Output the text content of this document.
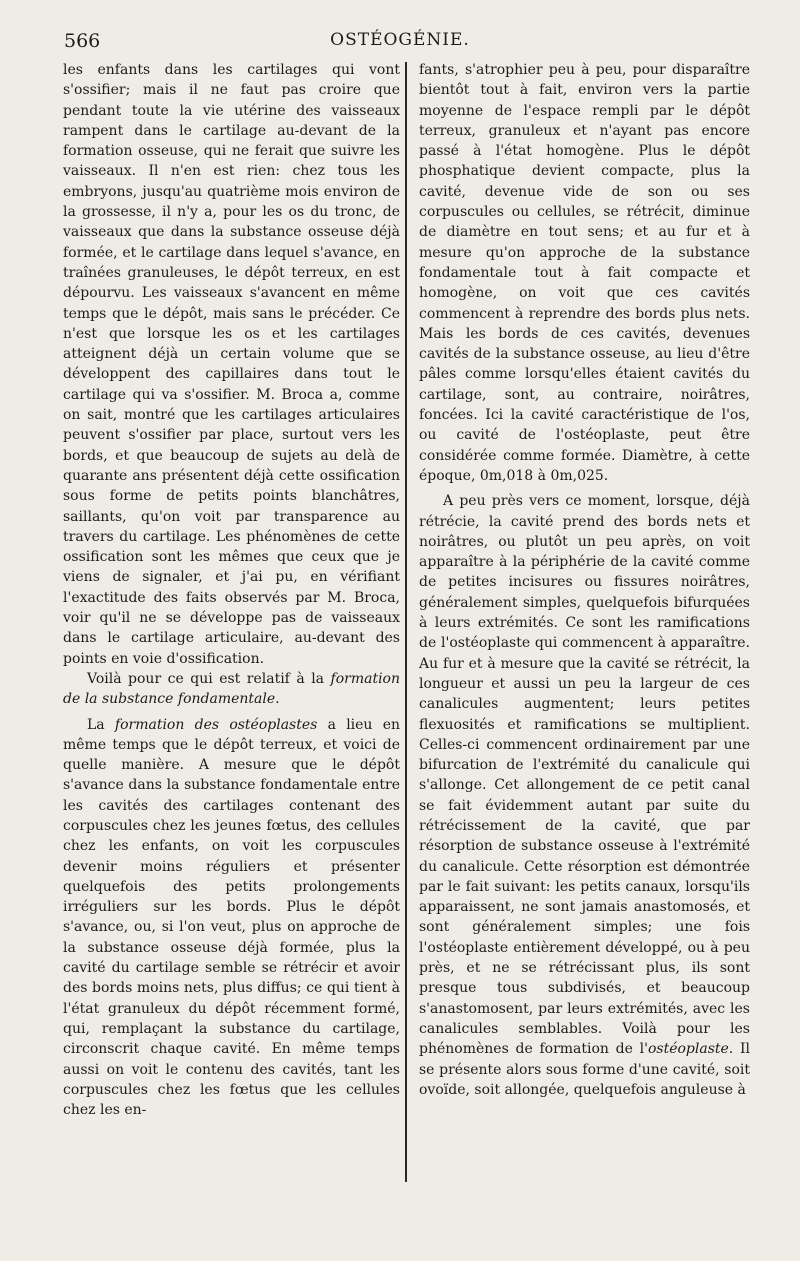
566	OSTÉOGÉNIE.

les enfants dans les cartilages qui vont s'ossifier; mais il ne faut pas croire que pendant toute la vie utérine des vaisseaux rampent dans le cartilage au-devant de la formation osseuse, qui ne ferait que suivre les vaisseaux. Il n'en est rien: chez tous les embryons, jusqu'au quatrième mois environ de la grossesse, il n'y a, pour les os du tronc, de vaisseaux que dans la substance osseuse déjà formée, et le cartilage dans lequel s'avance, en traînées granuleuses, le dépôt terreux, en est dépourvu. Les vaisseaux s'avancent en même temps que le dépôt, mais sans le précéder. Ce n'est que lorsque les os et les cartilages atteignent déjà un certain volume que se développent des capillaires dans tout le cartilage qui va s'ossifier. M. Broca a, comme on sait, montré que les cartilages articulaires peuvent s'ossifier par place, surtout vers les bords, et que beaucoup de sujets au delà de quarante ans présentent déjà cette ossification sous forme de petits points blanchâtres, saillants, qu'on voit par transparence au travers du cartilage. Les phénomènes de cette ossification sont les mêmes que ceux que je viens de signaler, et j'ai pu, en vérifiant l'exactitude des faits observés par M. Broca, voir qu'il ne se développe pas de vaisseaux dans le cartilage articulaire, au-devant des points en voie d'ossification.

Voilà pour ce qui est relatif à la formation de la substance fondamentale.

La formation des ostéoplastes a lieu en même temps que le dépôt terreux, et voici de quelle manière. A mesure que le dépôt s'avance dans la substance fondamentale entre les cavités des cartilages contenant des corpuscules chez les jeunes fœtus, des cellules chez les enfants, on voit les corpuscules devenir moins réguliers et présenter quelquefois des petits prolongements irréguliers sur les bords. Plus le dépôt s'avance, ou, si l'on veut, plus on approche de la substance osseuse déjà formée, plus la cavité du cartilage semble se rétrécir et avoir des bords moins nets, plus diffus; ce qui tient à l'état granuleux du dépôt récemment formé, qui, remplaçant la substance du cartilage, circonscrit chaque cavité. En même temps aussi on voit le contenu des cavités, tant les corpuscules chez les fœtus que les cellules chez les en-

fants, s'atrophier peu à peu, pour disparaître bientôt tout à fait, environ vers la partie moyenne de l'espace rempli par le dépôt terreux, granuleux et n'ayant pas encore passé à l'état homogène. Plus le dépôt phosphatique devient compacte, plus la cavité, devenue vide de son ou ses corpuscules ou cellules, se rétrécit, diminue de diamètre en tout sens; et au fur et à mesure qu'on approche de la substance fondamentale tout à fait compacte et homogène, on voit que ces cavités commencent à reprendre des bords plus nets. Mais les bords de ces cavités, devenues cavités de la substance osseuse, au lieu d'être pâles comme lorsqu'elles étaient cavités du cartilage, sont, au contraire, noirâtres, foncées. Ici la cavité caractéristique de l'os, ou cavité de l'ostéoplaste, peut être considérée comme formée. Diamètre, à cette époque, 0m,018 à 0m,025.

A peu près vers ce moment, lorsque, déjà rétrécie, la cavité prend des bords nets et noirâtres, ou plutôt un peu après, on voit apparaître à la périphérie de la cavité comme de petites incisures ou fissures noirâtres, généralement simples, quelquefois bifurquées à leurs extrémités. Ce sont les ramifications de l'ostéoplaste qui commencent à apparaître. Au fur et à mesure que la cavité se rétrécit, la longueur et aussi un peu la largeur de ces canalicules augmentent; leurs petites flexuosités et ramifications se multiplient. Celles-ci commencent ordinairement par une bifurcation de l'extrémité du canalicule qui s'allonge. Cet allongement de ce petit canal se fait évidemment autant par suite du rétrécissement de la cavité, que par résorption de substance osseuse à l'extrémité du canalicule. Cette résorption est démontrée par le fait suivant: les petits canaux, lorsqu'ils apparaissent, ne sont jamais anastomosés, et sont généralement simples; une fois l'ostéoplaste entièrement développé, ou à peu près, et ne se rétrécissant plus, ils sont presque tous subdivisés, et beaucoup s'anastomosent, par leurs extrémités, avec les canalicules semblables. Voilà pour les phénomènes de formation de l'ostéoplaste. Il se présente alors sous forme d'une cavité, soit ovoïde, soit allongée, quelquefois anguleuse à
